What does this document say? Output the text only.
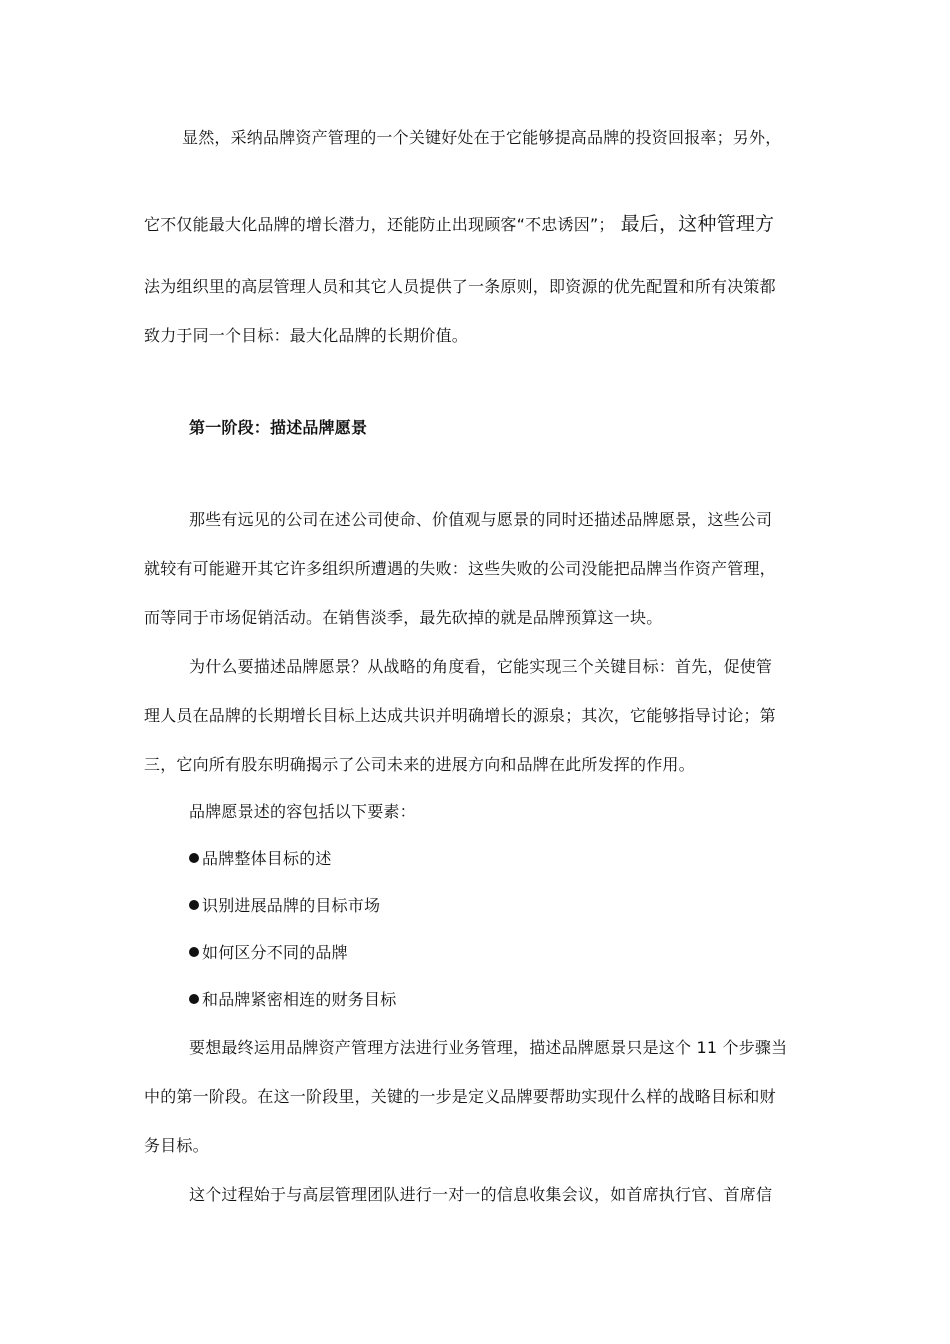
显然，采纳品牌资产管理的一个关键好处在于它能够提高品牌的投资回报率；另外，
它不仅能最大化品牌的增长潜力，还能防止出现顾客“不忠诱因”； 最后，这种管理方
法为组织里的高层管理人员和其它人员提供了一条原则，即资源的优先配置和所有决策都
致力于同一个目标：最大化品牌的长期价值。
第一阶段：描述品牌愿景
那些有远见的公司在述公司使命、价值观与愿景的同时还描述品牌愿景，这些公司
就较有可能避开其它许多组织所遭遇的失败：这些失败的公司没能把品牌当作资产管理，
而等同于市场促销活动。在销售淡季，最先砍掉的就是品牌预算这一块。
为什么要描述品牌愿景？从战略的角度看，它能实现三个关键目标：首先，促使管
理人员在品牌的长期增长目标上达成共识并明确增长的源泉；其次，它能够指导讨论；第
三，它向所有股东明确揭示了公司未来的进展方向和品牌在此所发挥的作用。
品牌愿景述的容包括以下要素：
品牌整体目标的述
识别进展品牌的目标市场
如何区分不同的品牌
和品牌紧密相连的财务目标
要想最终运用品牌资产管理方法进行业务管理，描述品牌愿景只是这个 11 个步骤当
中的第一阶段。在这一阶段里，关键的一步是定义品牌要帮助实现什么样的战略目标和财
务目标。
这个过程始于与高层管理团队进行一对一的信息收集会议，如首席执行官、首席信
